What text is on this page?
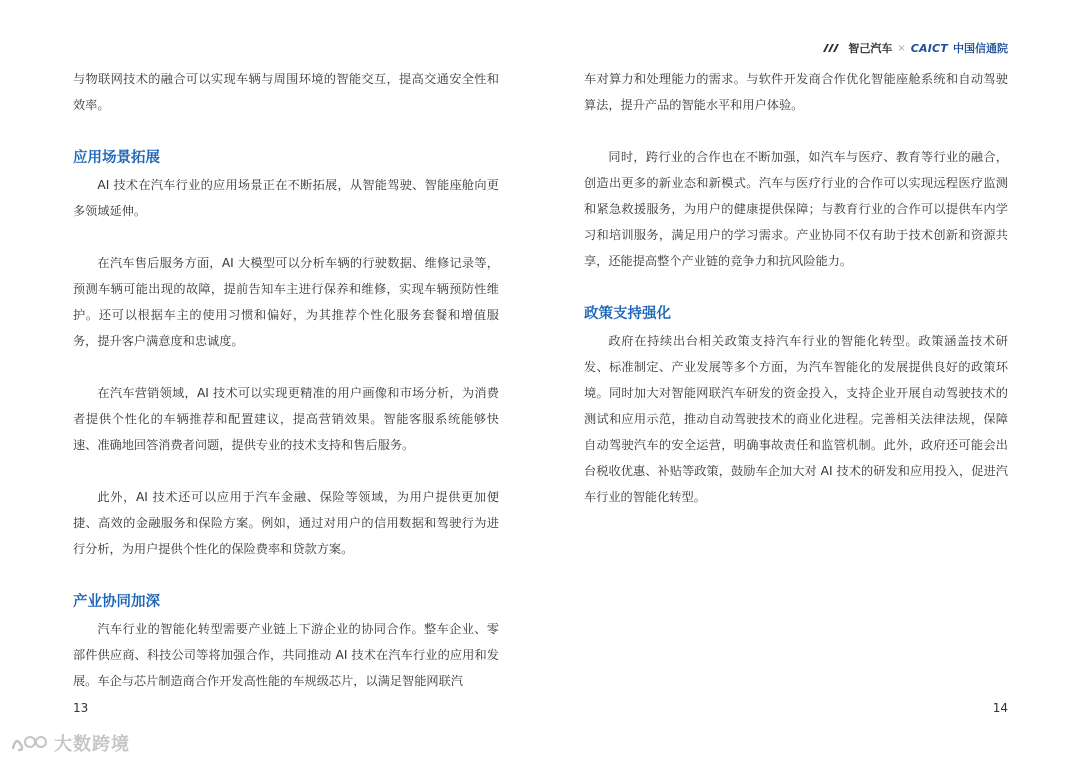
与物联网技术的融合可以实现车辆与周围环境的智能交互，提高交通安全性和效率。

应用场景拓展

AI 技术在汽车行业的应用场景正在不断拓展，从智能驾驶、智能座舱向更多领域延伸。

在汽车售后服务方面，AI 大模型可以分析车辆的行驶数据、维修记录等，预测车辆可能出现的故障，提前告知车主进行保养和维修，实现车辆预防性维护。还可以根据车主的使用习惯和偏好，为其推荐个性化服务套餐和增值服务，提升客户满意度和忠诚度。

在汽车营销领域，AI 技术可以实现更精准的用户画像和市场分析，为消费者提供个性化的车辆推荐和配置建议，提高营销效果。智能客服系统能够快速、准确地回答消费者问题，提供专业的技术支持和售后服务。

此外，AI 技术还可以应用于汽车金融、保险等领域，为用户提供更加便捷、高效的金融服务和保险方案。例如，通过对用户的信用数据和驾驶行为进行分析，为用户提供个性化的保险费率和贷款方案。

产业协同加深

汽车行业的智能化转型需要产业链上下游企业的协同合作。整车企业、零部件供应商、科技公司等将加强合作，共同推动 AI 技术在汽车行业的应用和发展。车企与芯片制造商合作开发高性能的车规级芯片，以满足智能网联汽

13
智己汽车 × CAICT 中国信通院

车对算力和处理能力的需求。与软件开发商合作优化智能座舱系统和自动驾驶算法，提升产品的智能水平和用户体验。

同时，跨行业的合作也在不断加强，如汽车与医疗、教育等行业的融合，创造出更多的新业态和新模式。汽车与医疗行业的合作可以实现远程医疗监测和紧急救援服务，为用户的健康提供保障；与教育行业的合作可以提供车内学习和培训服务，满足用户的学习需求。产业协同不仅有助于技术创新和资源共享，还能提高整个产业链的竞争力和抗风险能力。

政策支持强化

政府在持续出台相关政策支持汽车行业的智能化转型。政策涵盖技术研发、标准制定、产业发展等多个方面，为汽车智能化的发展提供良好的政策环境。同时加大对智能网联汽车研发的资金投入，支持企业开展自动驾驶技术的测试和应用示范，推动自动驾驶技术的商业化进程。完善相关法律法规，保障自动驾驶汽车的安全运营，明确事故责任和监管机制。此外，政府还可能会出台税收优惠、补贴等政策，鼓励车企加大对 AI 技术的研发和应用投入，促进汽车行业的智能化转型。

14
大数跨境
